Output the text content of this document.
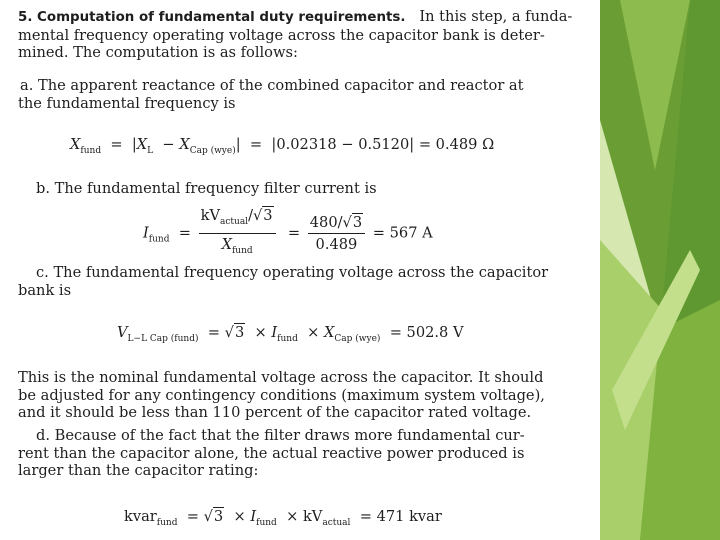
5. Computation of fundamental duty requirements. In this step, a funda-
mental frequency operating voltage across the capacitor bank is deter-
mined. The computation is as follows:
a. The apparent reactance of the combined capacitor and reactor at
the fundamental frequency is
$X_{fund} = |X_L - X_{Cap (wye)}| = |0.02318 - 0.5120| = 0.489$ Ω
b. The fundamental frequency filter current is
$I_{fund} = \frac{kV_{actual}/√3}{X_{fund}} = \frac{480/√3}{0.489} = 567$ A
c. The fundamental frequency operating voltage across the capacitor
bank is
$V_{L-L Cap (fund)} = √3 \times I_{fund} \times X_{Cap (wye)} = 502.8$ V
This is the nominal fundamental voltage across the capacitor. It should
be adjusted for any contingency conditions (maximum system voltage),
and it should be less than 110 percent of the capacitor rated voltage.
d. Because of the fact that the filter draws more fundamental cur-
rent than the capacitor alone, the actual reactive power produced is
larger than the capacitor rating:
kvar$_{fund}$  = $√3 \times I_{fund} \times kV_{actual} = 471$ kvar
